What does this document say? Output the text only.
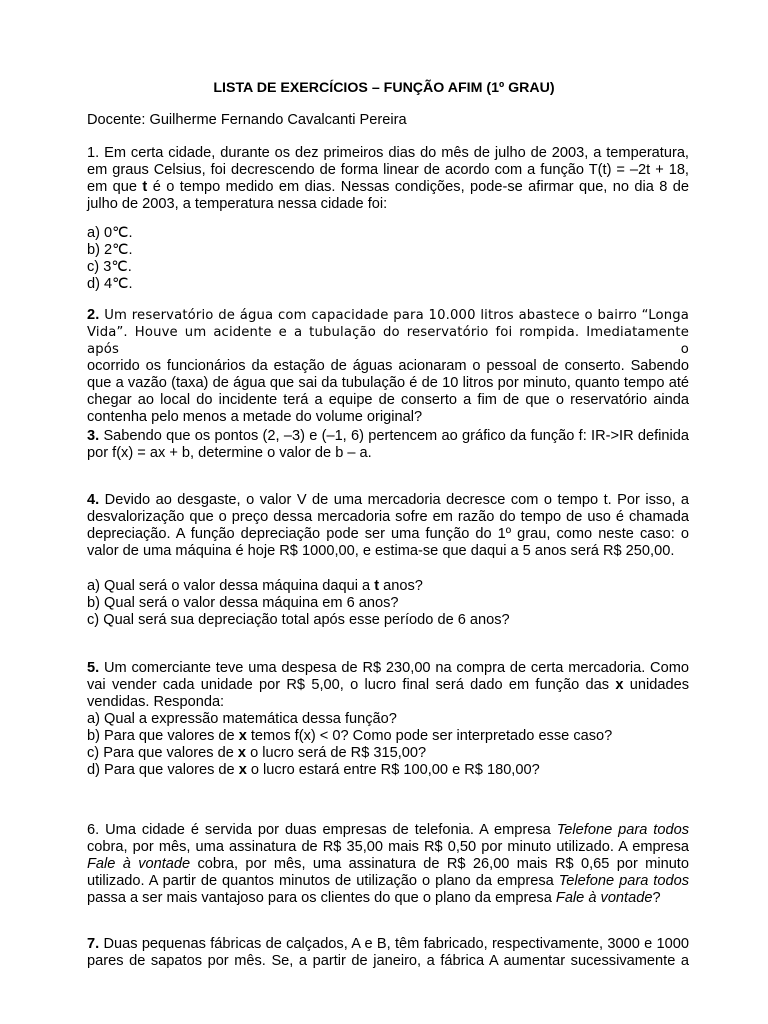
LISTA DE EXERCÍCIOS – FUNÇÃO AFIM (1º GRAU)
Docente: Guilherme Fernando Cavalcanti Pereira
1. Em certa cidade, durante os dez primeiros dias do mês de julho de 2003, a temperatura,
em graus Celsius, foi decrescendo de forma linear de acordo com a função T(t) = –2t + 18,
em que t é o tempo medido em dias. Nessas condições, pode-se afirmar que, no dia 8 de
julho de 2003, a temperatura nessa cidade foi:
a) 0℃.
b) 2℃.
c) 3℃.
d) 4℃.
2. Um reservatório de água com capacidade para 10.000 litros abastece o bairro “Longa
Vida”. Houve um acidente e a tubulação do reservatório foi rompida. Imediatamente após o
ocorrido os funcionários da estação de águas acionaram o pessoal de conserto. Sabendo
que a vazão (taxa) de água que sai da tubulação é de 10 litros por minuto, quanto tempo até
chegar ao local do incidente terá a equipe de conserto a fim de que o reservatório ainda
contenha pelo menos a metade do volume original?
3. Sabendo que os pontos (2, –3) e (–1, 6) pertencem ao gráfico da função f: IR->IR definida
por f(x) = ax + b, determine o valor de b – a.
4. Devido ao desgaste, o valor V de uma mercadoria decresce com o tempo t. Por isso, a
desvalorização que o preço dessa mercadoria sofre em razão do tempo de uso é chamada
depreciação. A função depreciação pode ser uma função do 1º grau, como neste caso: o
valor de uma máquina é hoje R$ 1000,00, e estima-se que daqui a 5 anos será R$ 250,00.
a) Qual será o valor dessa máquina daqui a t anos?
b) Qual será o valor dessa máquina em 6 anos?
c) Qual será sua depreciação total após esse período de 6 anos?
5. Um comerciante teve uma despesa de R$ 230,00 na compra de certa mercadoria. Como
vai vender cada unidade por R$ 5,00, o lucro final será dado em função das x unidades
vendidas. Responda:
a) Qual a expressão matemática dessa função?
b) Para que valores de x temos f(x) < 0? Como pode ser interpretado esse caso?
c) Para que valores de x o lucro será de R$ 315,00?
d) Para que valores de x o lucro estará entre R$ 100,00 e R$ 180,00?
6. Uma cidade é servida por duas empresas de telefonia. A empresa Telefone para todos
cobra, por mês, uma assinatura de R$ 35,00 mais R$ 0,50 por minuto utilizado. A empresa
Fale à vontade cobra, por mês, uma assinatura de R$ 26,00 mais R$ 0,65 por minuto
utilizado. A partir de quantos minutos de utilização o plano da empresa Telefone para todos
passa a ser mais vantajoso para os clientes do que o plano da empresa Fale à vontade?
7. Duas pequenas fábricas de calçados, A e B, têm fabricado, respectivamente, 3000 e 1000
pares de sapatos por mês. Se, a partir de janeiro, a fábrica A aumentar sucessivamente a
